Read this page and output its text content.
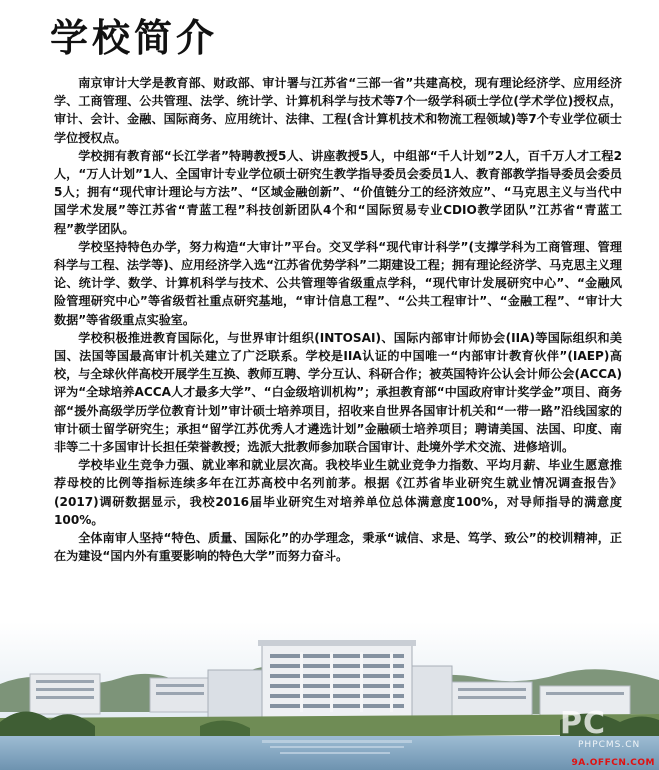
学校简介

南京审计大学是教育部、财政部、审计署与江苏省“三部一省”共建高校，现有理论经济学、应用经济学、工商管理、公共管理、法学、统计学、计算机科学与技术等7个一级学科硕士学位(学术学位)授权点，审计、会计、金融、国际商务、应用统计、法律、工程(含计算机技术和物流工程领域)等7个专业学位硕士学位授权点。

学校拥有教育部“长江学者”特聘教授5人、讲座教授5人，中组部“千人计划”2人，百千万人才工程2人，“万人计划”1人、全国审计专业学位硕士研究生教学指导委员会委员1人、教育部教学指导委员会委员5人；拥有“现代审计理论与方法”、“区域金融创新”、“价值链分工的经济效应”、“马克思主义与当代中国学术发展”等江苏省“青蓝工程”科技创新团队4个和“国际贸易专业CDIO教学团队”江苏省“青蓝工程”教学团队。

学校坚持特色办学，努力构造“大审计”平台。交叉学科“现代审计科学”(支撑学科为工商管理、管理科学与工程、法学等)、应用经济学入选“江苏省优势学科”二期建设工程；拥有理论经济学、马克思主义理论、统计学、数学、计算机科学与技术、公共管理等省级重点学科，“现代审计发展研究中心”、“金融风险管理研究中心”等省级哲社重点研究基地，“审计信息工程”、“公共工程审计”、“金融工程”、“审计大数据”等省级重点实验室。

学校积极推进教育国际化，与世界审计组织(INTOSAI)、国际内部审计师协会(IIA)等国际组织和美国、法国等国最高审计机关建立了广泛联系。学校是IIA认证的中国唯一“内部审计教育伙伴”(IAEP)高校，与全球伙伴高校开展学生互换、教师互聘、学分互认、科研合作；被英国特许公认会计师公会(ACCA)评为“全球培养ACCA人才最多大学”、“白金级培训机构”；承担教育部“中国政府审计奖学金”项目、商务部“援外高级学历学位教育计划”审计硕士培养项目，招收来自世界各国审计机关和“一带一路”沿线国家的审计硕士留学研究生；承担“留学江苏优秀人才遴选计划”金融硕士培养项目；聘请美国、法国、印度、南非等二十多国审计长担任荣誉教授；选派大批教师参加联合国审计、赴境外学术交流、进修培训。

学校毕业生竞争力强、就业率和就业层次高。我校毕业生就业竞争力指数、平均月薪、毕业生愿意推荐母校的比例等指标连续多年在江苏高校中名列前茅。根据《江苏省毕业研究生就业情况调查报告》(2017)调研数据显示，我校2016届毕业研究生对培养单位总体满意度100%，对导师指导的满意度100%。

全体南审人坚持“特色、质量、国际化”的办学理念，秉承“诚信、求是、笃学、致公”的校训精神，正在为建设“国内外有重要影响的特色大学”而努力奋斗。

PC
PHPCMS.CN
9A.OFFCN.COM
